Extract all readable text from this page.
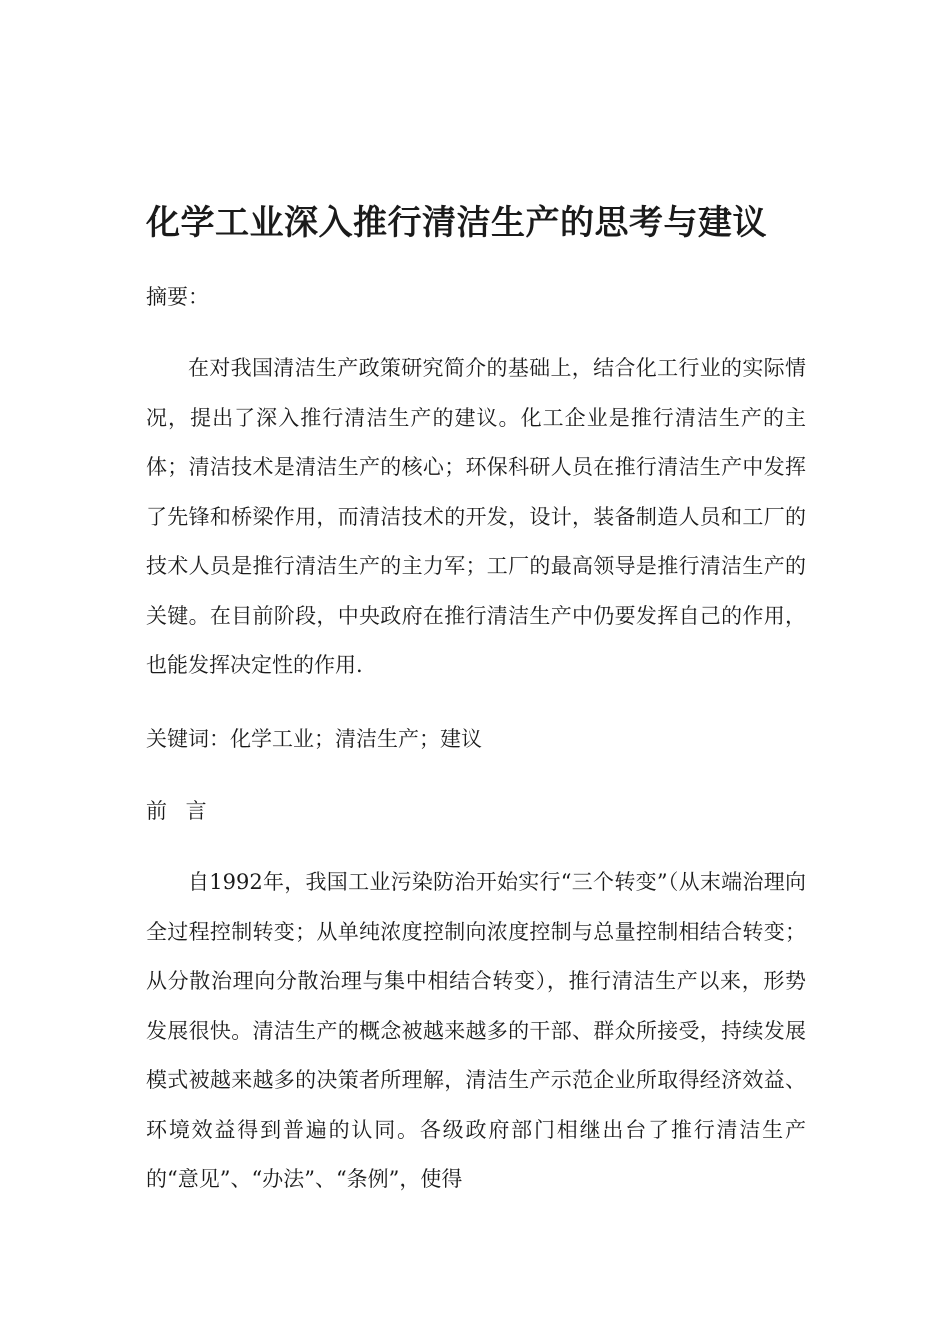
化学工业深入推行清洁生产的思考与建议
摘要：

在对我国清洁生产政策研究简介的基础上，结合化工行业的实际情况，提出了深入推行清洁生产的建议。化工企业是推行清洁生产的主体；清洁技术是清洁生产的核心；环保科研人员在推行清洁生产中发挥了先锋和桥梁作用，而清洁技术的开发，设计，装备制造人员和工厂的技术人员是推行清洁生产的主力军；工厂的最高领导是推行清洁生产的关键。在目前阶段，中央政府在推行清洁生产中仍要发挥自己的作用，也能发挥决定性的作用.

关键词：化学工业；清洁生产；建议
前 言

自1992年，我国工业污染防治开始实行“三个转变”（从末端治理向全过程控制转变；从单纯浓度控制向浓度控制与总量控制相结合转变；从分散治理向分散治理与集中相结合转变），推行清洁生产以来，形势发展很快。清洁生产的概念被越来越多的干部、群众所接受，持续发展模式被越来越多的决策者所理解，清洁生产示范企业所取得经济效益、环境效益得到普遍的认同。各级政府部门相继出台了推行清洁生产的“意见”、“办法”、“条例”，使得
